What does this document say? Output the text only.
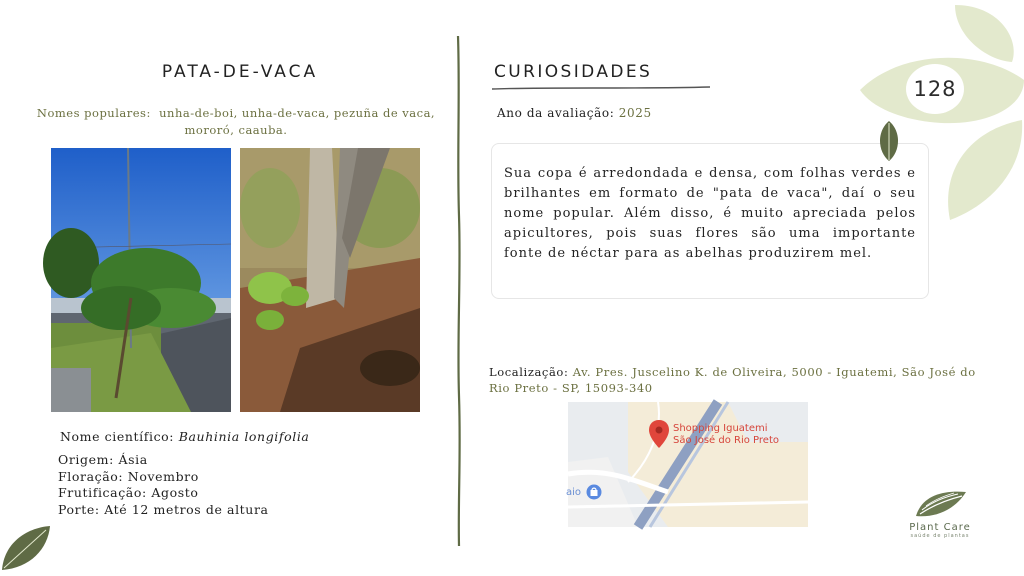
PATA-DE-VACA
Nomes populares: unha-de-boi, unha-de-vaca, pezuña de vaca, mororó, caauba.
Nome científico: Bauhinia longifolia
Origem: Ásia
Floração: Novembro
Frutificação: Agosto
Porte: Até 12 metros de altura
CURIOSIDADES
Ano da avaliação: 2025

Sua copa é arredondada e densa, com folhas verdes e brilhantes em formato de "pata de vaca", daí o seu nome popular. Além disso, é muito apreciada pelos apicultores, pois suas flores são uma importante fonte de néctar para as abelhas produzirem mel.

Localização: Av. Pres. Juscelino K. de Oliveira, 5000 - Iguatemi, São José do Rio Preto - SP, 15093-340
Shopping Iguatemi
São José do Rio Preto
aio
128
Plant Care
saúde de plantas
